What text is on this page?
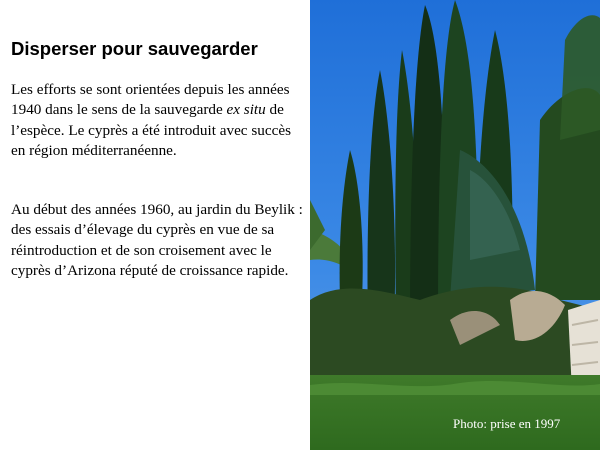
Disperser pour sauvegarder
Les efforts se sont orientées depuis les années 1940 dans le sens de la sauvegarde ex situ de l’espèce. Le cyprès a été introduit avec succès en région méditerranéenne.
Au début des années 1960, au jardin du Beylik : des essais d’élevage du cyprès en vue de sa réintroduction et de son croisement avec le cyprès d’Arizona réputé de croissance rapide.
Photo: prise en 1997
